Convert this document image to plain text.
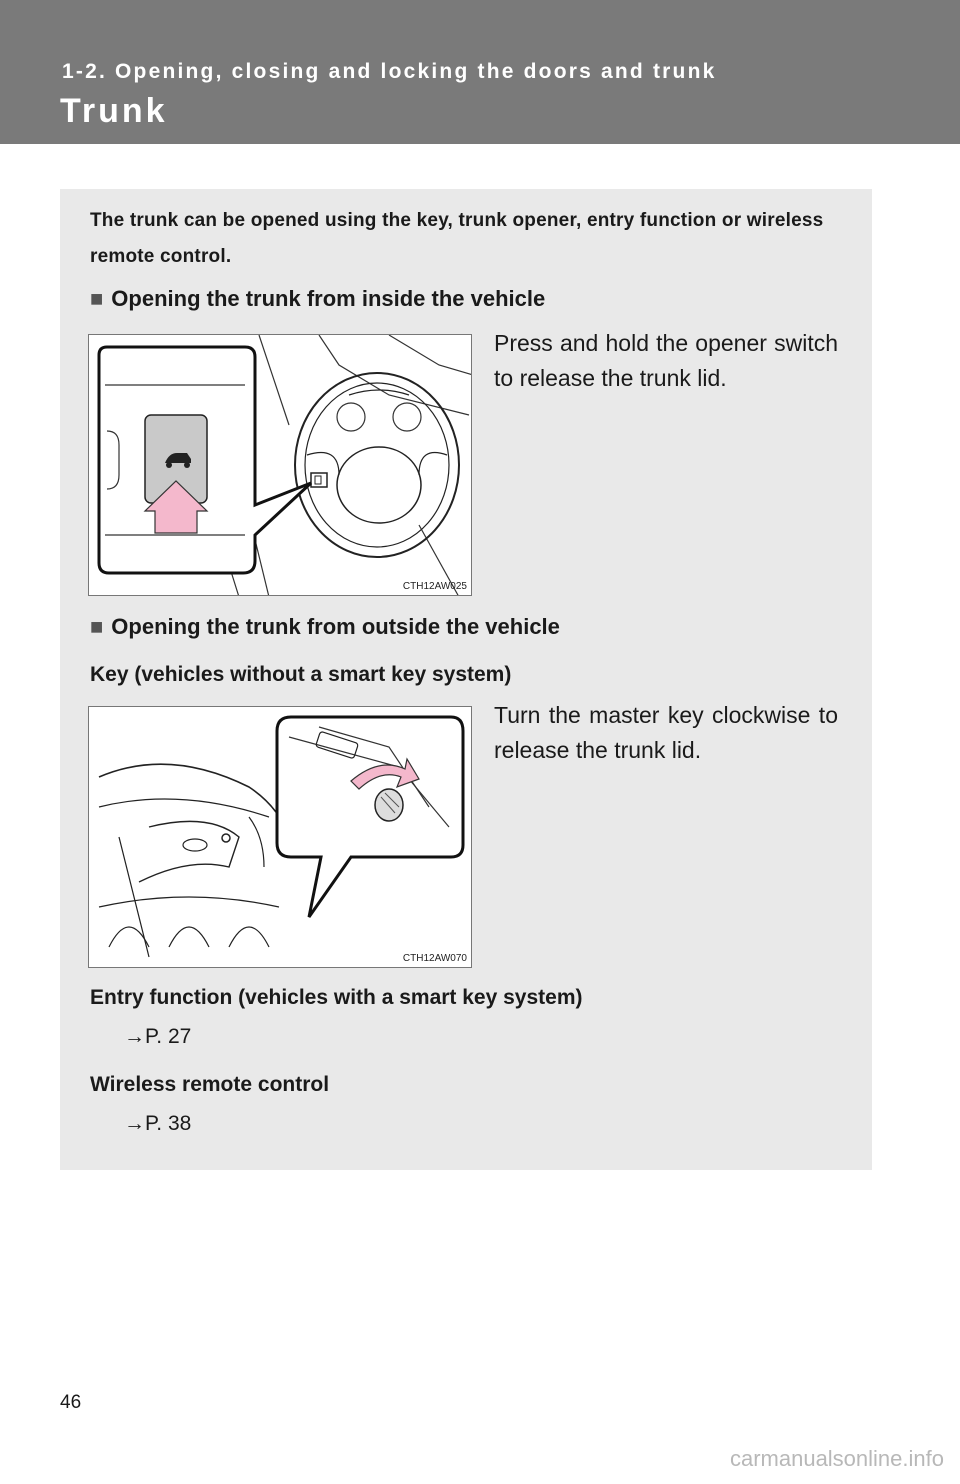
1-2. Opening, closing and locking the doors and trunk
Trunk
The trunk can be opened using the key, trunk opener, entry function or wireless remote control.
■ Opening the trunk from inside the vehicle
CTH12AW025
Press and hold the opener switch to release the trunk lid.
■ Opening the trunk from outside the vehicle
Key (vehicles without a smart key system)
CTH12AW070
Turn the master key clockwise to release the trunk lid.
Entry function (vehicles with a smart key system)
→P. 27
Wireless remote control
→P. 38
46
carmanualsonline.info
